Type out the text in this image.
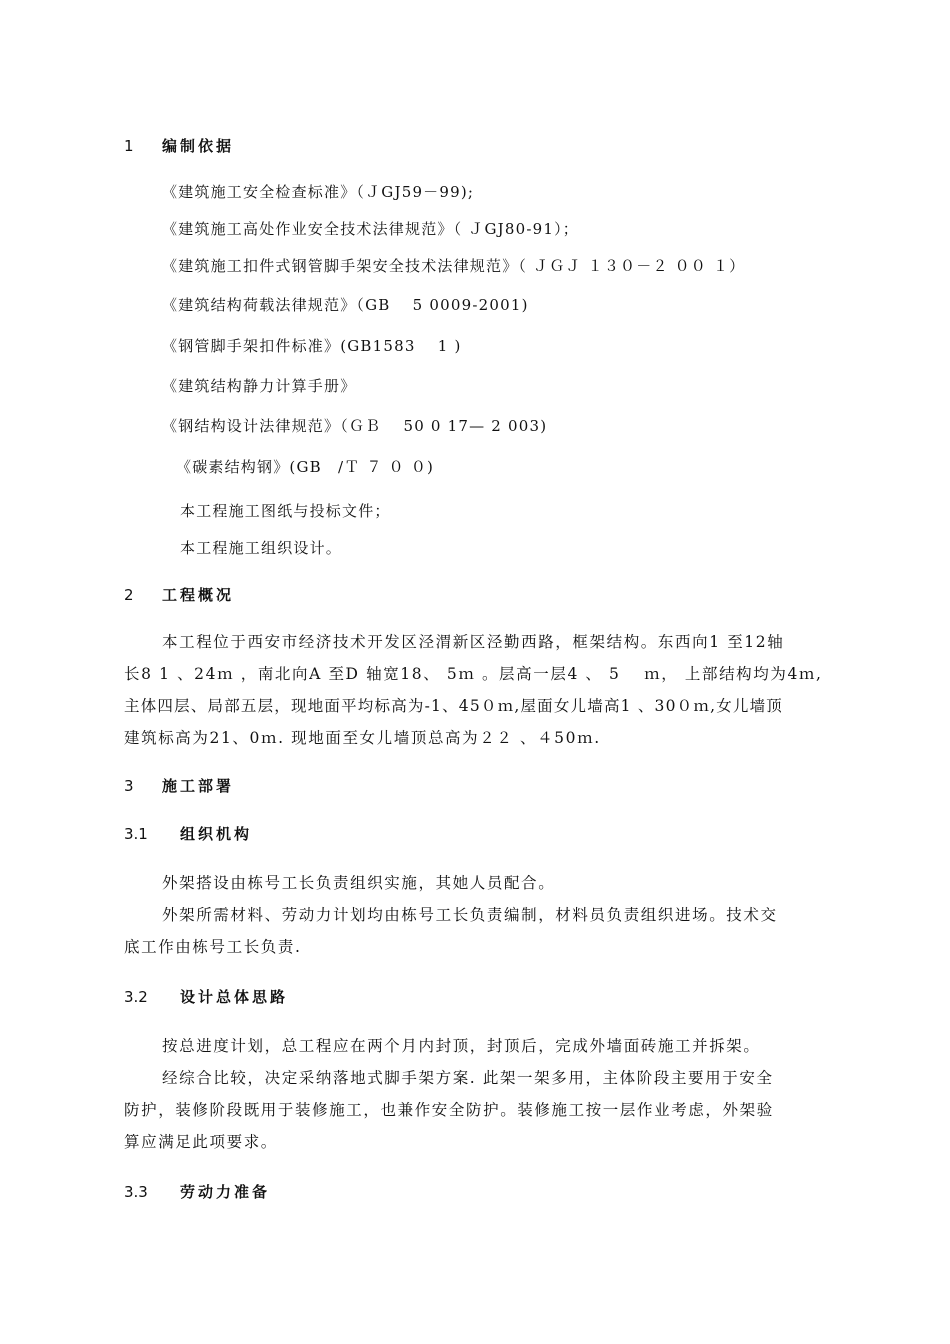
1 编制依据
《建筑施工安全检查标准》（ＪGJ59－99);
《建筑施工高处作业安全技术法律规范》（ ＪGJ80-91）；
《建筑施工扣件式钢管脚手架安全技术法律规范》（ ＪＧＪ １３０－２ ００ １）
《建筑结构荷载法律规范》（GB　 5 0009-2001)
《钢管脚手架扣件标准》(GB1583　 1 )
《建筑结构静力计算手册》
《钢结构设计法律规范》（ＧＢ　 50 0 17— 2 003)
《碳素结构钢》(GB　/Ｔ ７ ０ ０)
本工程施工图纸与投标文件；
本工程施工组织设计。
2 工程概况
本工程位于西安市经济技术开发区泾渭新区泾勤西路，框架结构。东西向1 至12轴
长8 1 、24ｍ ，南北向A 至D 轴宽18、 5ｍ 。层高一层4 、 5　 ｍ， 上部结构均为4ｍ,
主体四层、局部五层，现地面平均标高为-1、45０ｍ,屋面女儿墙高1 、30０ｍ,女儿墙顶
建筑标高为21、0ｍ. 现地面至女儿墙顶总高为２２ 、４50ｍ.
3 施工部署
3.1 组织机构
外架搭设由栋号工长负责组织实施，其她人员配合。
外架所需材料、劳动力计划均由栋号工长负责编制，材料员负责组织进场。技术交
底工作由栋号工长负责.
3.2 设计总体思路
按总进度计划，总工程应在两个月内封顶，封顶后，完成外墙面砖施工并拆架。
经综合比较，决定采纳落地式脚手架方案. 此架一架多用，主体阶段主要用于安全
防护，装修阶段既用于装修施工，也兼作安全防护。装修施工按一层作业考虑，外架验
算应满足此项要求。
3.3 劳动力准备
